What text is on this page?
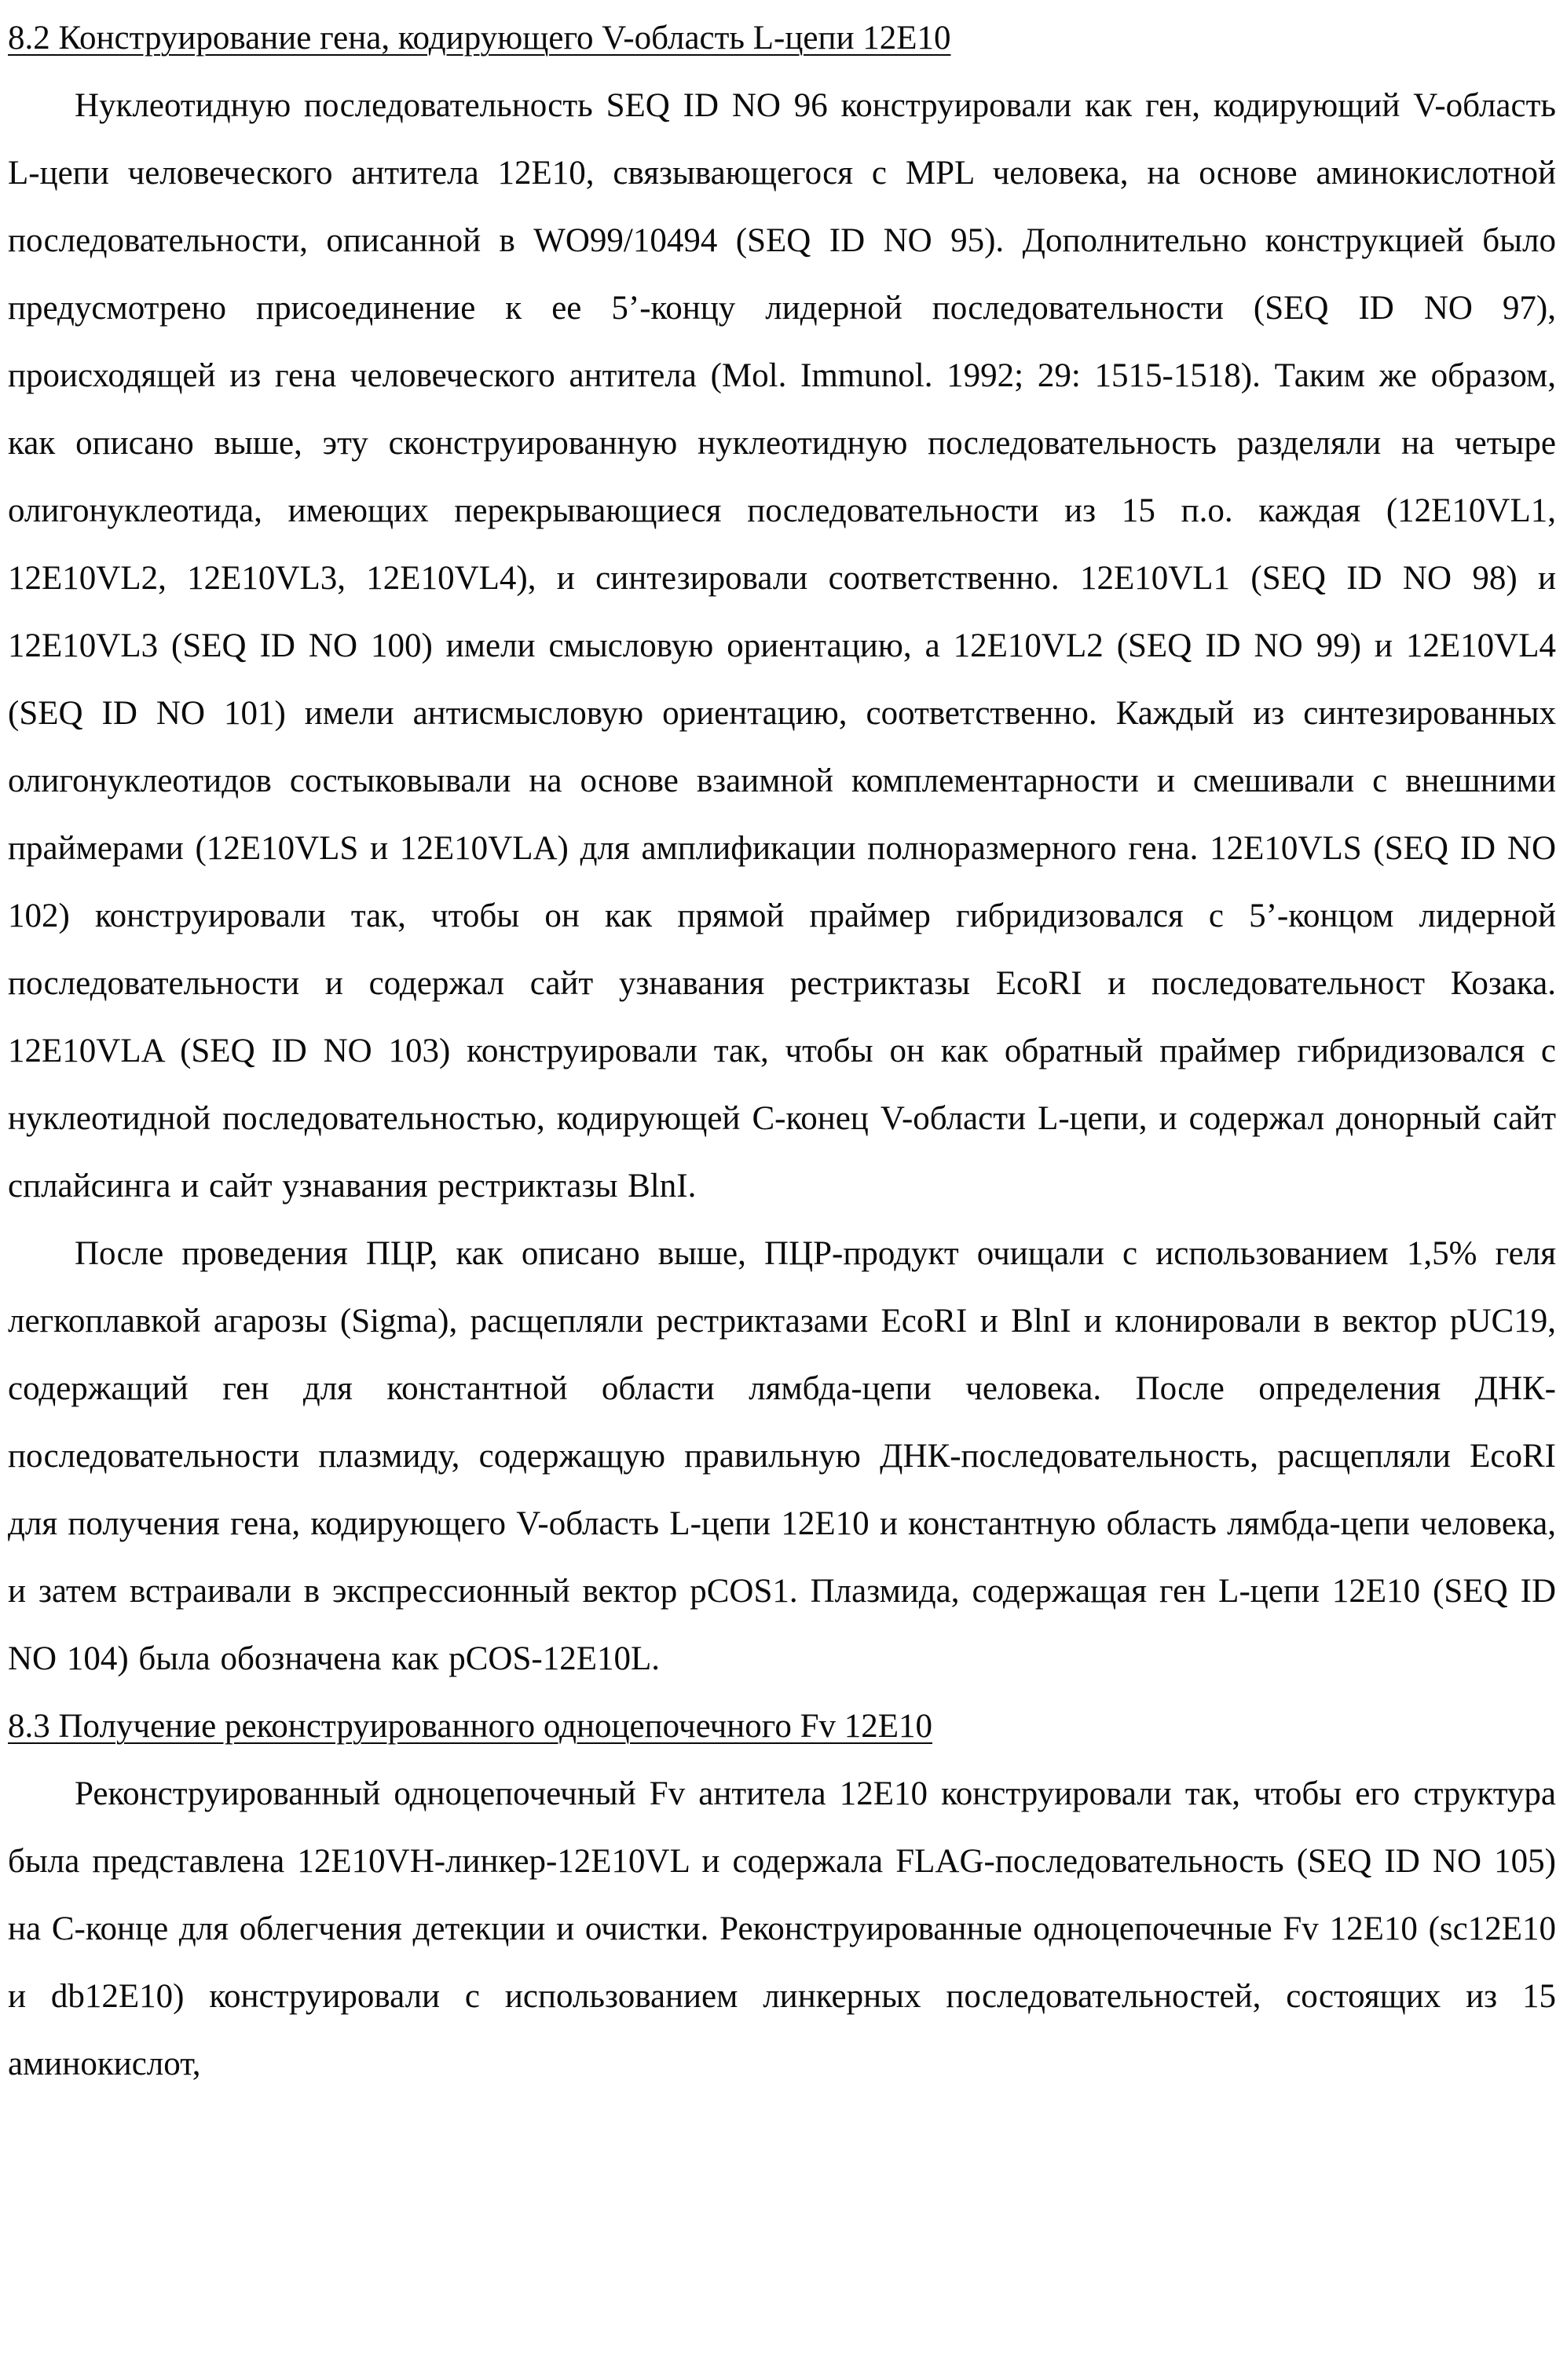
8.2 Конструирование гена, кодирующего V-область L-цепи 12Е10

Нуклеотидную последовательность SEQ ID NO 96 конструировали как ген, кодирующий V-область L-цепи человеческого антитела 12Е10, связывающегося с MPL человека, на основе аминокислотной последовательности, описанной в WO99/10494 (SEQ ID NO 95). Дополнительно конструкцией было предусмотрено присоединение к ее 5’-концу лидерной последовательности (SEQ ID NO 97), происходящей из гена человеческого антитела (Mol. Immunol. 1992; 29: 1515-1518). Таким же образом, как описано выше, эту сконструированную нуклеотидную последовательность разделяли на четыре олигонуклеотида, имеющих перекрывающиеся последовательности из 15 п.о. каждая (12E10VL1, 12E10VL2, 12E10VL3, 12E10VL4), и синтезировали соответственно. 12E10VL1 (SEQ ID NO 98) и 12E10VL3 (SEQ ID NO 100) имели смысловую ориентацию, а 12E10VL2 (SEQ ID NO 99) и 12E10VL4 (SEQ ID NO 101) имели антисмысловую ориентацию, соответственно. Каждый из синтезированных олигонуклеотидов состыковывали на основе взаимной комплементарности и смешивали с внешними праймерами (12E10VLS и 12E10VLA) для амплификации полноразмерного гена. 12E10VLS (SEQ ID NO 102) конструировали так, чтобы он как прямой праймер гибридизовался с 5’-концом лидерной последовательности и содержал сайт узнавания рестриктазы EcoRI и последовательност Козака. 12E10VLA (SEQ ID NO 103) конструировали так, чтобы он как обратный праймер гибридизовался с нуклеотидной последовательностью, кодирующей С-конец V-области L-цепи, и содержал донорный сайт сплайсинга и сайт узнавания рестриктазы BlnI.

После проведения ПЦР, как описано выше, ПЦР-продукт очищали с использованием 1,5% геля легкоплавкой агарозы (Sigma), расщепляли рестриктазами EcoRI и BlnI и клонировали в вектор pUC19, содержащий ген для константной области лямбда-цепи человека. После определения ДНК-последовательности плазмиду, содержащую правильную ДНК-последовательность, расщепляли EcoRI для получения гена, кодирующего V-область L-цепи 12Е10 и константную область лямбда-цепи человека, и затем встраивали в экспрессионный вектор pCOS1. Плазмида, содержащая ген L-цепи 12Е10 (SEQ ID NO 104) была обозначена как pCOS-12E10L.

8.3 Получение реконструированного одноцепочечного Fv 12Е10

Реконструированный одноцепочечный Fv антитела 12Е10 конструировали так, чтобы его структура была представлена 12E10VH-линкер-12E10VL и содержала FLAG-последовательность (SEQ ID NO 105) на С-конце для облегчения детекции и очистки. Реконструированные одноцепочечные Fv 12Е10 (sc12E10 и db12E10) конструировали с использованием линкерных последовательностей, состоящих из 15 аминокислот,
